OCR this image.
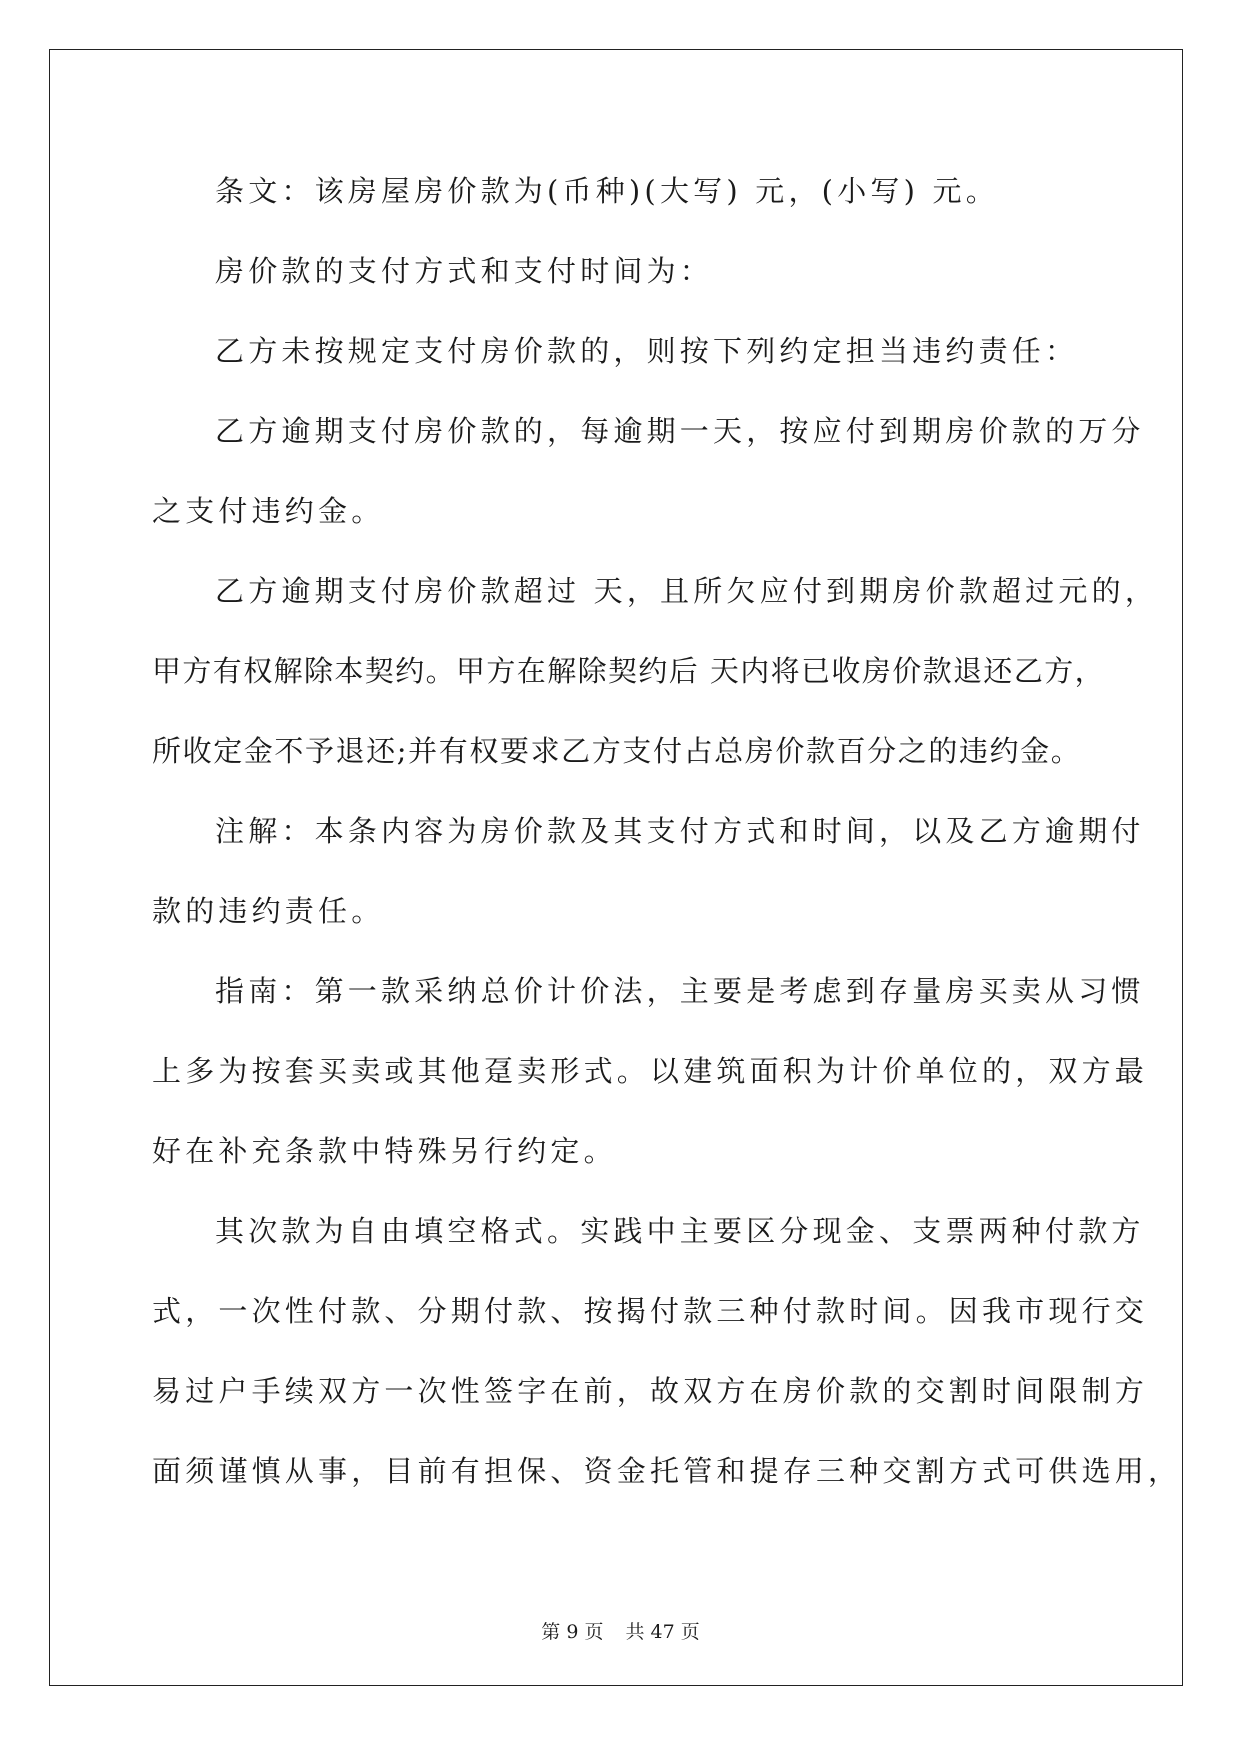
条文：该房屋房价款为(币种)(大写) 元，(小写) 元。
房价款的支付方式和支付时间为：
乙方未按规定支付房价款的，则按下列约定担当违约责任：
乙方逾期支付房价款的，每逾期一天，按应付到期房价款的万分
之支付违约金。
乙方逾期支付房价款超过 天，且所欠应付到期房价款超过元的，
甲方有权解除本契约。甲方在解除契约后 天内将已收房价款退还乙方，
所收定金不予退还;并有权要求乙方支付占总房价款百分之的违约金。
注解：本条内容为房价款及其支付方式和时间，以及乙方逾期付
款的违约责任。
指南：第一款采纳总价计价法，主要是考虑到存量房买卖从习惯
上多为按套买卖或其他趸卖形式。以建筑面积为计价单位的，双方最
好在补充条款中特殊另行约定。
其次款为自由填空格式。实践中主要区分现金、支票两种付款方
式，一次性付款、分期付款、按揭付款三种付款时间。因我市现行交
易过户手续双方一次性签字在前，故双方在房价款的交割时间限制方
面须谨慎从事，目前有担保、资金托管和提存三种交割方式可供选用，
第 9 页 共 47 页
